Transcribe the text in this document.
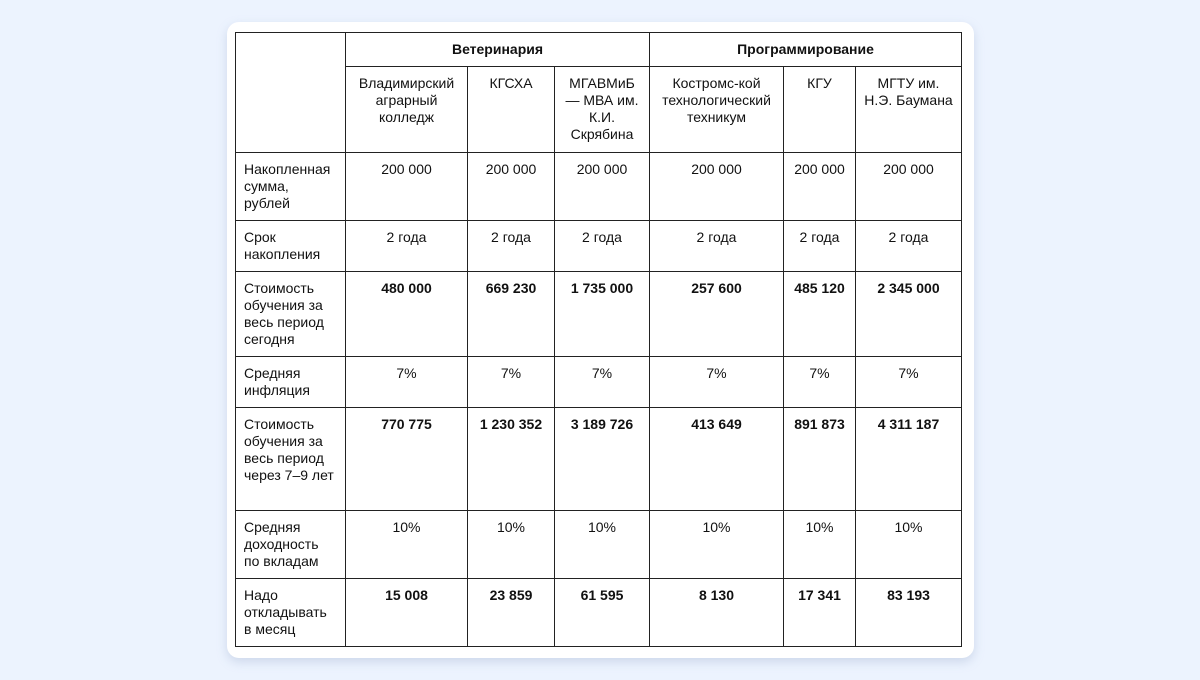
	Ветеринария			Программирование		
	Владимирский аграрный колледж	КГСХА	МГАВМиБ — МВА им. К.И. Скрябина	Костромс-кой технологический техникум	КГУ	МГТУ им. Н.Э. Баумана
Накопленная сумма, рублей	200 000	200 000	200 000	200 000	200 000	200 000
Срок накопления	2 года	2 года	2 года	2 года	2 года	2 года
Стоимость обучения за весь период сегодня	480 000	669 230	1 735 000	257 600	485 120	2 345 000
Средняя инфляция	7%	7%	7%	7%	7%	7%
Стоимость обучения за весь период через 7–9 лет	770 775	1 230 352	3 189 726	413 649	891 873	4 311 187
Средняя доходность по вкладам	10%	10%	10%	10%	10%	10%
Надо откладывать в месяц	15 008	23 859	61 595	8 130	17 341	83 193
